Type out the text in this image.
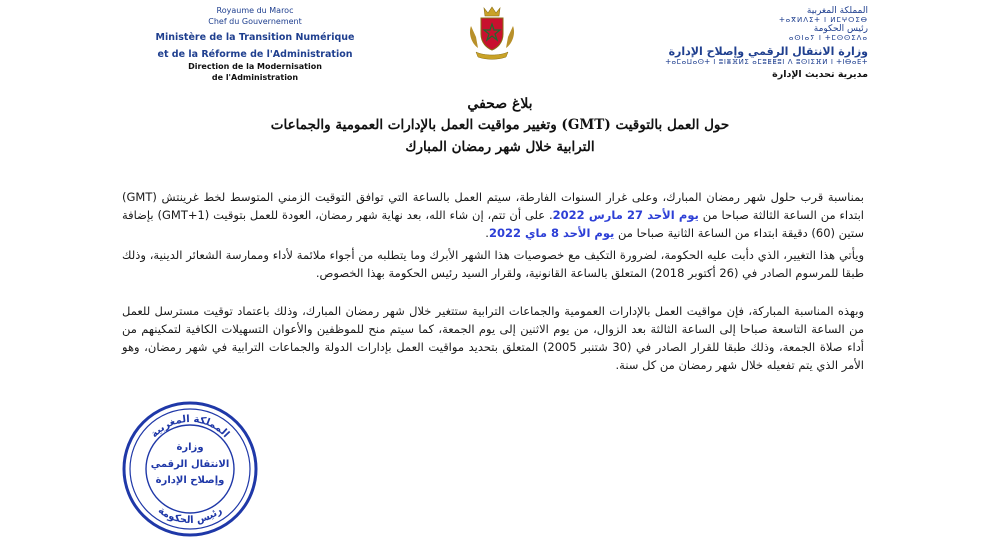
Royaume du Maroc
Chef du Gouvernement
Ministère de la Transition Numérique
et de la Réforme de l'Administration
Direction de la Modernisation
de l'Administration
المملكة المغربية
ⵜⴰⴳⵍⴷⵉⵜ ⵏ ⵍⵎⵖⵔⵉⴱ
رئيس الحكومة
ⴰⵙⵏⴰⵢ ⵏ ⵜⵎⵙⵙⵉⴷⴰ
وزارة الانتقال الرقمي وإصلاح الإدارة
ⵜⴰⵎⴰⵡⴰⵙⵜ ⵏ ⵓⵏⴻⴼⵍⵉ ⴰⵎⵓⵟⵟⵓⵏ ⴷ ⵓⵙⵏⵉⴼⵍ ⵏ ⵜⵏⴱⴰⴹⵜ
مديرية تحديث الإدارة
بلاغ صحفي
حول العمل بالتوقيت (GMT) وتغيير مواقيت العمل بالإدارات العمومية والجماعات
الترابية خلال شهر رمضان المبارك
بمناسبة قرب حلول شهر رمضان المبارك، وعلى غرار السنوات الفارطة، سيتم العمل بالساعة التي توافق التوقيت الزمني المتوسط لخط غرينتش (GMT) ابتداء من الساعة الثالثة صباحا من يوم الأحد 27 مارس 2022. على أن تتم، إن شاء الله، بعد نهاية شهر رمضان، العودة للعمل بتوقيت (GMT+1) بإضافة ستين (60) دقيقة ابتداء من الساعة الثانية صباحا من يوم الأحد 8 ماي 2022.
ويأتي هذا التغيير، الذي دأبت عليه الحكومة، لضرورة التكيف مع خصوصيات هذا الشهر الأبرك وما يتطلبه من أجواء ملائمة لأداء وممارسة الشعائر الدينية، وذلك طبقا للمرسوم الصادر في (26 أكتوبر 2018) المتعلق بالساعة القانونية، ولقرار السيد رئيس الحكومة بهذا الخصوص.
وبهذه المناسبة المباركة، فإن مواقيت العمل بالإدارات العمومية والجماعات الترابية ستتغير خلال شهر رمضان المبارك، وذلك باعتماد توقيت مسترسل للعمل من الساعة التاسعة صباحا إلى الساعة الثالثة بعد الزوال، من يوم الاثنين إلى يوم الجمعة، كما سيتم منح للموظفين والأعوان التسهيلات الكافية لتمكينهم من أداء صلاة الجمعة، وذلك طبقا للقرار الصادر في (30 شتنبر 2005) المتعلق بتحديد مواقيت العمل بإدارات الدولة والجماعات الترابية في شهر رمضان، وهو الأمر الذي يتم تفعيله خلال شهر رمضان من كل سنة.
المملكة المغربية
رئيس الحكومة
وزارة
الانتقال الرقمي
وإصلاح الإدارة
